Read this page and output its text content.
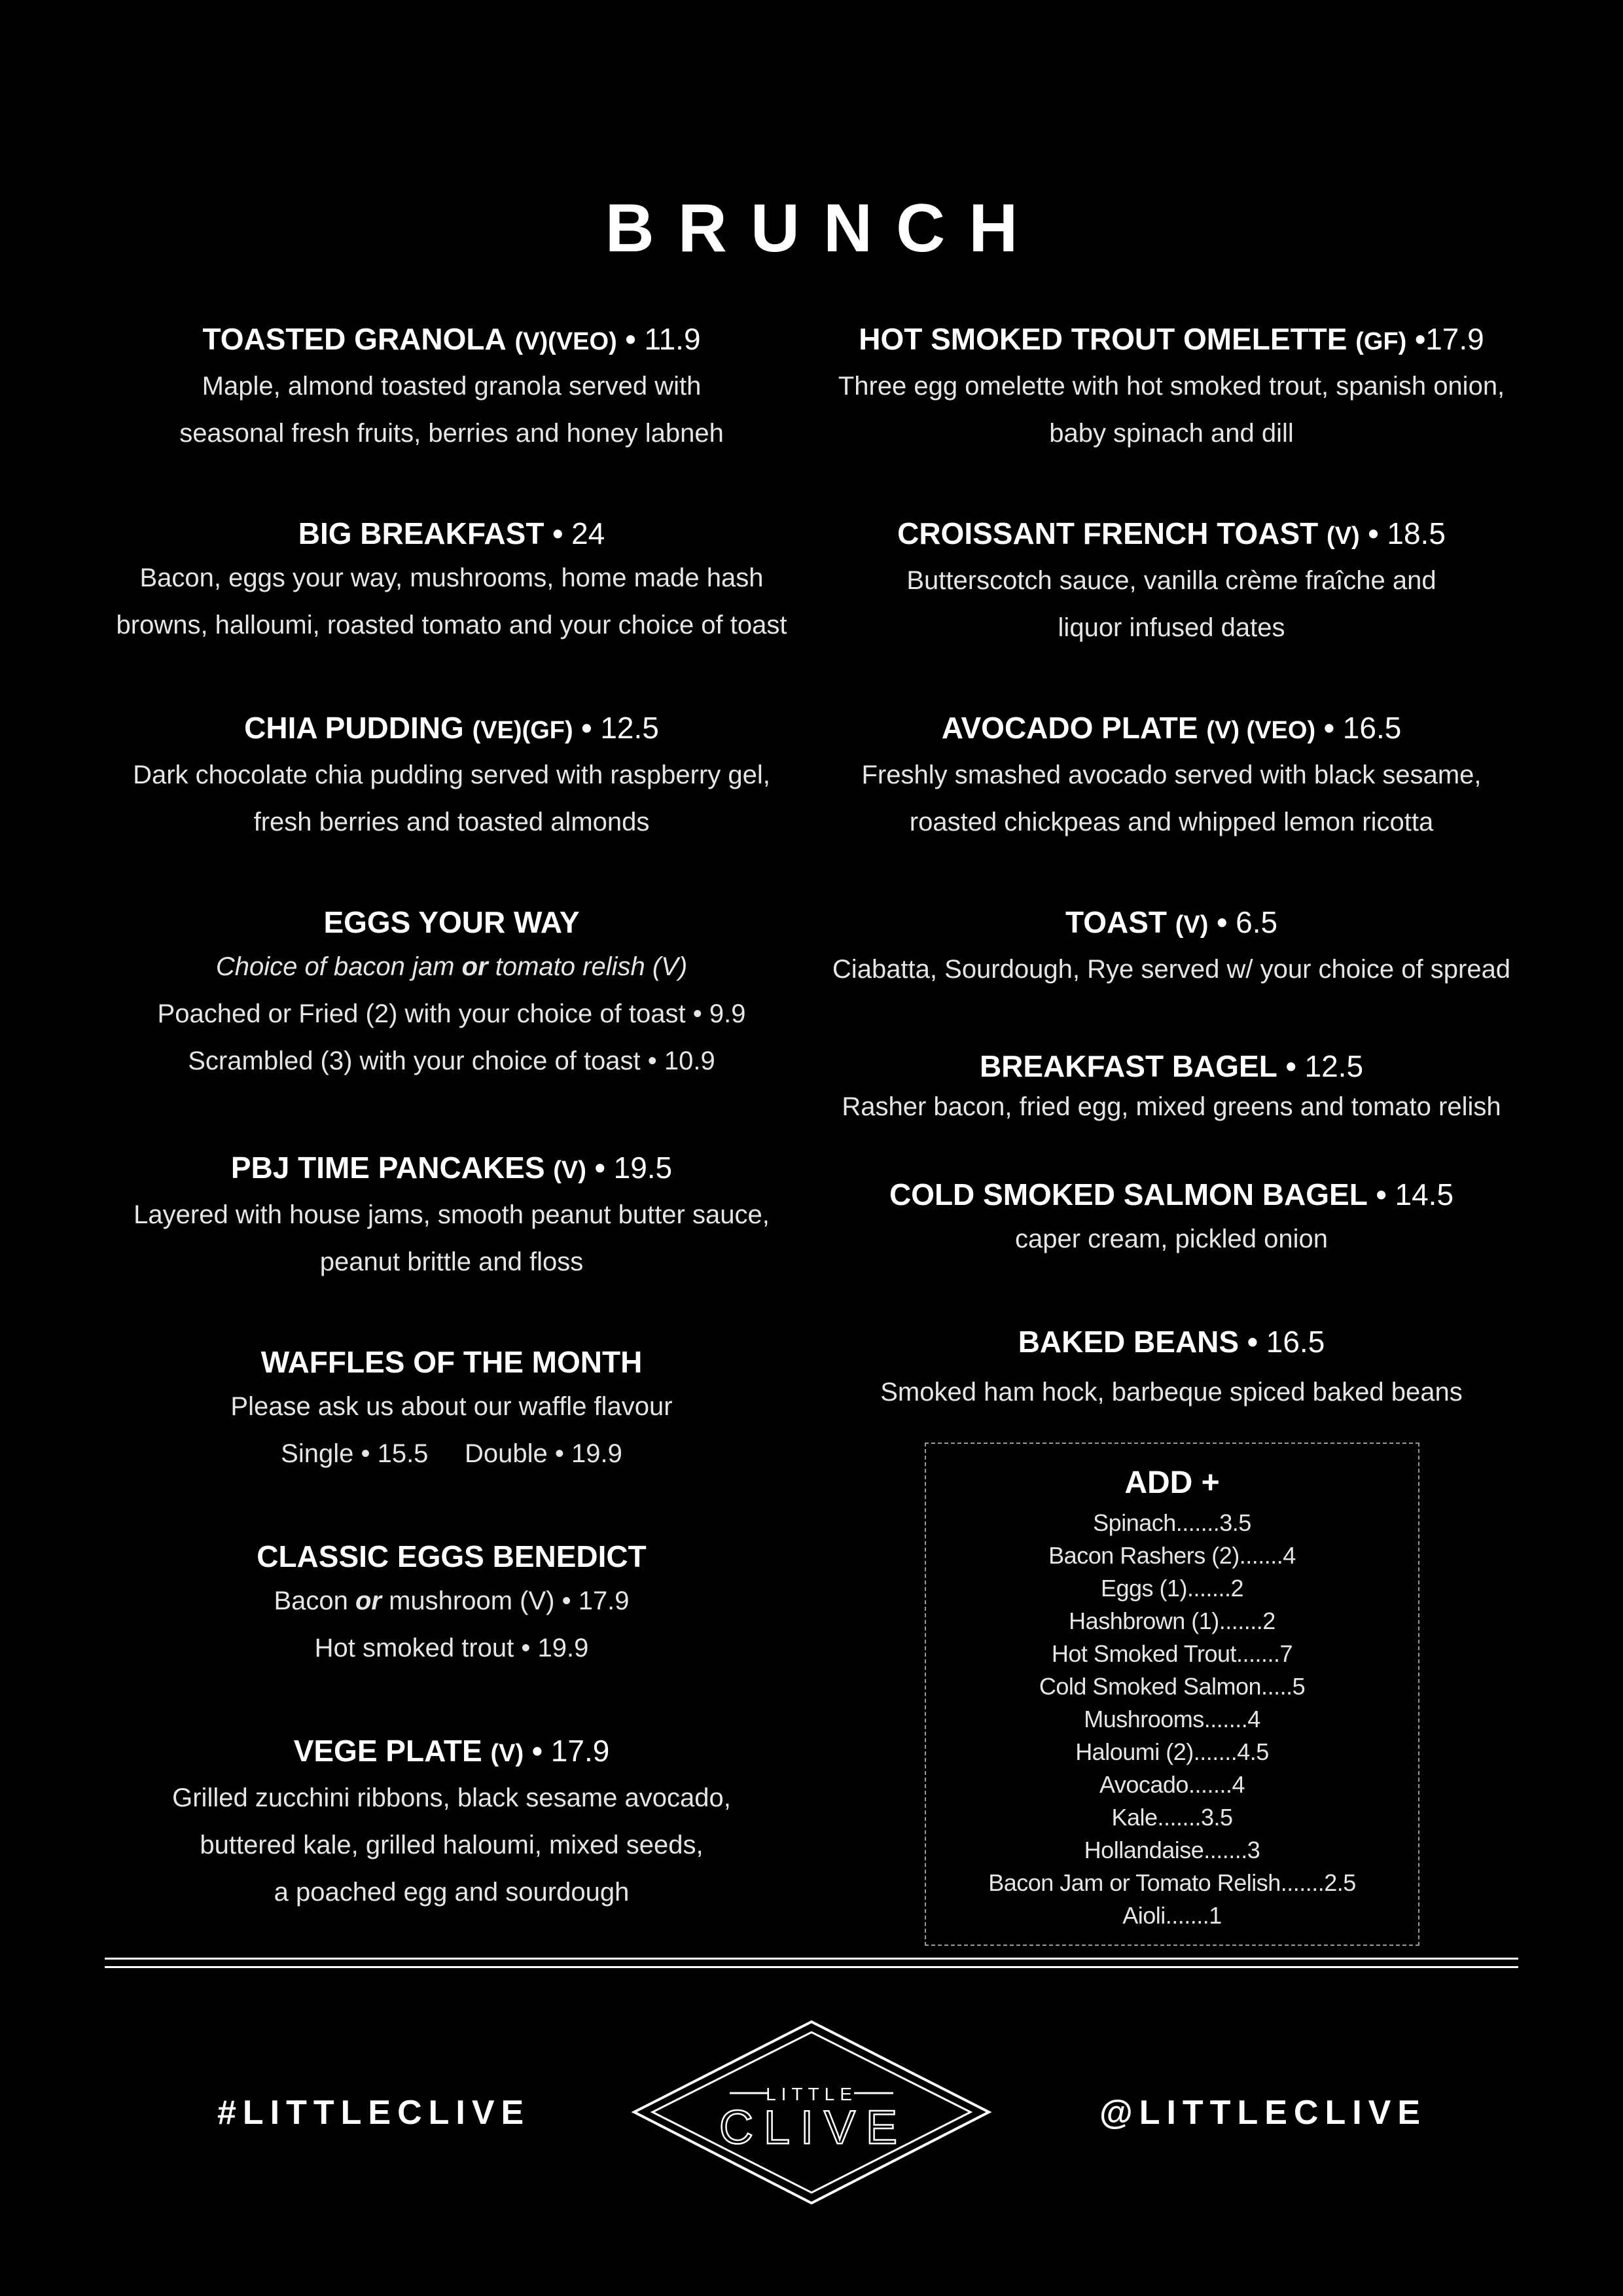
BRUNCH
TOASTED GRANOLA (V)(VEO) • 11.9
Maple, almond toasted granola served with
seasonal fresh fruits, berries and honey labneh
BIG BREAKFAST • 24
Bacon, eggs your way, mushrooms, home made hash
browns, halloumi, roasted tomato and your choice of toast
CHIA PUDDING (VE)(GF) • 12.5
Dark chocolate chia pudding served with raspberry gel,
fresh berries and toasted almonds
EGGS YOUR WAY
Choice of bacon jam or tomato relish (V)
Poached or Fried (2) with your choice of toast • 9.9
Scrambled (3) with your choice of toast • 10.9
PBJ TIME PANCAKES (V) • 19.5
Layered with house jams, smooth peanut butter sauce,
peanut brittle and floss
WAFFLES OF THE MONTH
Please ask us about our waffle flavour
Single • 15.5     Double • 19.9
CLASSIC EGGS BENEDICT
Bacon or mushroom (V) • 17.9
Hot smoked trout • 19.9
VEGE PLATE (V) • 17.9
Grilled zucchini ribbons, black sesame avocado,
buttered kale, grilled haloumi, mixed seeds,
a poached egg and sourdough
HOT SMOKED TROUT OMELETTE (GF) •17.9
Three egg omelette with hot smoked trout, spanish onion,
baby spinach and dill
CROISSANT FRENCH TOAST (V) • 18.5
Butterscotch sauce, vanilla crème fraîche and
liquor infused dates
AVOCADO PLATE (V) (VEO) • 16.5
Freshly smashed avocado served with black sesame,
roasted chickpeas and whipped lemon ricotta
TOAST (V) • 6.5
Ciabatta, Sourdough, Rye served w/ your choice of spread
BREAKFAST BAGEL • 12.5
Rasher bacon, fried egg, mixed greens and tomato relish
COLD SMOKED SALMON BAGEL • 14.5
caper cream, pickled onion
BAKED BEANS • 16.5
Smoked ham hock, barbeque spiced baked beans
ADD +
Spinach.......3.5
Bacon Rashers (2).......4
Eggs (1).......2
Hashbrown (1).......2
Hot Smoked Trout.......7
Cold Smoked Salmon.....5
Mushrooms.......4
Haloumi (2).......4.5
Avocado.......4
Kale.......3.5
Hollandaise.......3
Bacon Jam or Tomato Relish.......2.5
Aioli.......1
#LITTLECLIVE	@LITTLECLIVE
LITTLE
CLIVE
